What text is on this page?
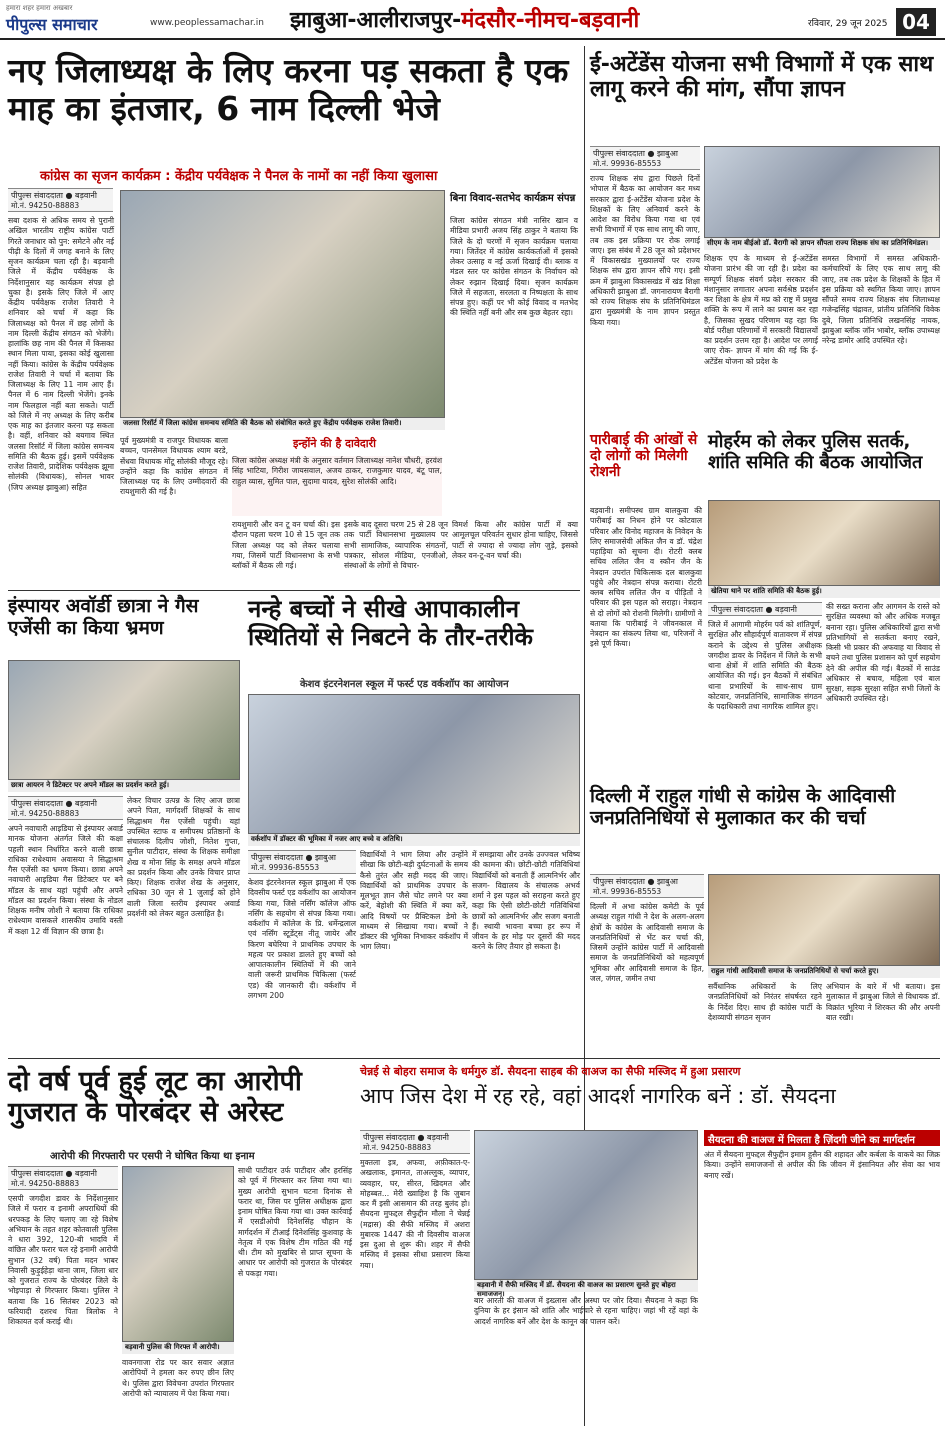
हमारा शहर हमारा अखबार
पीपुल्स समाचार	www.peoplessamachar.in झाबुआ-आलीराजपुर-मंदसौर-नीमच-बड़वानी	रविवार, 29 जून 2025 04
नए जिलाध्यक्ष के लिए करना पड़ सकता है एक माह का इंतजार, 6 नाम दिल्ली भेजे
कांग्रेस का सृजन कार्यक्रम : केंद्रीय पर्यवेक्षक ने पैनल के नामों का नहीं किया खुलासा
पीपुल्स संवाददाता ● बड़वानी
मो.नं. 94250-88883
सबा दशक से अधिक समय से पुरानी अखिल भारतीय राष्ट्रीय कांग्रेस पार्टी गिरते जनाधार को पुन: समेटने और नई पीढ़ी के दिलों में जगह बनाने के लिए सृजन कार्यक्रम चला रही है। बड़वानी जिले में केंद्रीय पर्यवेक्षक के निर्देशानुसार यह कार्यक्रम संपन्न हो चुका है। इसके लिए जिले में आए केंद्रीय पर्यवेक्षक राजेश तिवारी ने शनिवार को चर्चा में कहा कि जिलाध्यक्ष को पैनल में छह लोगों के नाम दिल्ली केंद्रीय संगठन को भेजेंगे। हालांकि छह नाम की पैनल में किसका स्थान मिला पाया, इसका कोई खुलासा नहीं किया। कांग्रेस के केंद्रीय पर्यवेक्षक राजेश तिवारी ने चर्चा में बताया कि जिलाध्यक्ष के लिए 11 नाम आए हैं। पैनल में 6 नाम दिल्ली भेजेंगे। इनके नाम फिलहाल नहीं बता सकते। पार्टी को जिले में नए अध्यक्ष के लिए करीब एक माह का इंतजार करना पड़ सकता है। वहीं, शनिवार को बयगाव स्थित जलसा रिसॉर्ट में जिला कांग्रेस समन्वय समिति की बैठक हुई। इसमें पर्यवेक्षक राजेश तिवारी, प्रादेशिक पर्यवेक्षक झूमा सोलंकी (विधायक), सोनल भावर (जिप अध्यक्ष झाबुआ) सहित
जलसा रिसॉर्ट में जिला कांग्रेस समन्वय समिति की बैठक को संबोधित करते हुए केंद्रीय पर्यवेक्षक राजेश तिवारी।
बिना विवाद-सतभेद कार्यक्रम संपन्न
जिला कांग्रेस संगठन मंत्री नासिर खान व मीडिया प्रभारी अजय सिंह ठाकुर ने बताया कि जिले के दो चरणों में सृजन कार्यक्रम चलाया गया। जितेंदर में कांग्रेस कार्यकर्ताओं में इसको लेकर उत्साह व नई ऊर्जा दिखाई दी। ब्लाक व मंडल स्तर पर कांग्रेस संगठन के निर्वाचन को लेकर रुझान दिखाई दिया। सृजन कार्यक्रम जिले में सहजता, सरलता व निष्पक्षता के साथ संपन्न हुए। कहीं पर भी कोई विवाद व मतभेद की स्थिति नहीं बनी और सब कुछ बेहतर रहा।
इन्होंने की है दावेदारी
जिला कांग्रेस अध्यक्ष मंत्री के अनुसार वर्तमान जिलाध्यक्ष नानेश चौधरी, हरवंश सिंह भाटिया, गिरीश जायसवाल, अजय ठाकर, राजकुमार यादव, बंटू पाल, राहुल व्यास, सुमित पाल, सुदामा यादव, सुरेश सोलंकी आदि।
पूर्व मुख्यमंत्री व राजपुर विधायक बाला बच्चन, पानसेमल विधायक श्याम बरडे, सेंधवा विधायक मोंटू सोलंकी मौजूद रहे। उन्होंने कहा कि कांग्रेस संगठन में जिलाध्यक्ष पद के लिए उम्मीदवारों की रायशुमारी की गई है।
रायशुमारी और वन टू वन चर्चा की। इस दौरान पहला चरण 10 से 15 जून तक जिला अध्यक्ष पद को लेकर चलाया गया, जिसमें पार्टी विधानसभा के सभी ब्लॉकों में बैठक ली गई।
इसके बाद दूसरा चरण 25 से 28 जून तक पार्टी विधानसभा मुख्यालय पर सभी सामाजिक, व्यापारिक संगठनों, पत्रकार, सोशल मीडिया, एनजीओ, संस्थाओं के लोगों से विचार-
विमर्श किया और कांग्रेस पार्टी में क्या आमूलचूल परिवर्तन सुधार होना चाहिए, जिससे पार्टी से ज्यादा से ज्यादा लोग जुड़े, इसको लेकर वन-टू-वन चर्चा की।
ई-अटेंडेंस योजना सभी विभागों में एक साथ लागू करने की मांग, सौंपा ज्ञापन
पीपुल्स संवाददाता ● झाबुआ
मो.नं. 99936-85553
राज्य शिक्षक संघ द्वारा पिछले दिनों भोपाल में बैठक का आयोजन कर मध्य सरकार द्वारा ई-अटेंडेंस योजना प्रदेश के शिक्षकों के लिए अनिवार्य करने के आदेश का विरोध किया गया था एवं सभी विभागों में एक साथ लागू की जाए, तब तक इस प्रक्रिया पर रोक लगाई जाए। इस संबंध में 28 जून को प्रदेशभर में विकासखंड मुख्यालयों पर राज्य शिक्षक संघ द्वारा ज्ञापन सौंपे गए। इसी क्रम में झाबुआ विकासखंड में खंड शिक्षा अधिकारी झाबुआ डॉ. जगनारायण बैरागी को राज्य शिक्षक संघ के प्रतिनिधिमंडल द्वारा मुख्यमंत्री के नाम ज्ञापन प्रस्तुत किया गया।
सीएम के नाम बीईओ डॉ. बैरागी को ज्ञापन सौंपता राज्य शिक्षक संघ का प्रतिनिधिमंडल।
शिक्षक एप के माध्यम से ई-अटेंडेंस योजना प्रारंभ की जा रही है। प्रदेश का सम्पूर्ण शिक्षक संवर्ग प्रदेश सरकार की मंशानुसार लगातार अपना सर्वश्रेष्ठ प्रदर्शन कर शिक्षा के क्षेत्र में मप्र को राष्ट्र में प्रमुख शक्ति के रूप में लाने का प्रयास कर रहा है, जिसका सुखद परिणाम यह रहा कि बोर्ड परीक्षा परिणामों में सरकारी विद्यालयों का प्रदर्शन उत्तम रहा है। आदेश पर लगाई जाए रोक- ज्ञापन में मांग की गई कि ई-अटेंडेंस योजना को प्रदेश के
समस्त विभागों में समस्त अधिकारी-कर्मचारियों के लिए एक साथ लागू की जाए, तब तक प्रदेश के शिक्षकों के हित में इस प्रक्रिया को स्थगित किया जाए। ज्ञापन सौंपते समय राज्य शिक्षक संघ जिलाध्यक्ष गजेन्द्रसिंह चंद्रावत, प्रांतीय प्रतिनिधि विवेक दुबे, जिला प्रतिनिधि लखनसिंह नायक, झाबुआ ब्लॉक जॉन भाबोर, ब्लॉक उपाध्यक्ष नरेन्द्र डामोर आदि उपस्थित रहे।
पारीबाई की आंखों से दो लोगों को मिलेगी रोशनी
बड़वानी। समीपस्थ ग्राम बालकुवा की पारीबाई का निधन होने पर कोटवाल परिवार और विनोद महाजन के निवेदन के लिए समाजसेवी अंकित जैन व डॉ. चंद्रेश पहाड़िया को सूचना दी। रोटरी क्लब सचिव ललित जैन व स्कौन जैन के नेत्रदान उपरांत चिकित्सक दल बालकुवा पहुंचे और नेत्रदान संपन्न कराया। रोटरी क्लब सचिव ललित जैन व पीड़ितों ने परिवार की इस पहल को सराहा। नेत्रदान से दो लोगों को रोशनी मिलेगी। ग्रामीणों ने बताया कि पारीबाई ने जीवनकाल में नेत्रदान का संकल्प लिया था, परिजनों ने इसे पूर्ण किया।
मोहर्रम को लेकर पुलिस सतर्क, शांति समिति की बैठक आयोजित
खेतिया थाने पर शांति समिति की बैठक हुई।
पीपुल्स संवाददाता ● बड़वानी
जिले में आगामी मोहर्रम पर्व को शांतिपूर्ण, सुरक्षित और सौहार्दपूर्ण वातावरण में संपन्न कराने के उद्देश्य से पुलिस अधीक्षक जगदीश डावर के निर्देशन में जिले के सभी थाना क्षेत्रों में शांति समिति की बैठक आयोजित की गई। इन बैठकों में संबंधित थाना प्रभारियों के साथ-साथ ग्राम कोटवार, जनप्रतिनिधि, सामाजिक संगठन के पदाधिकारी तथा नागरिक शामिल हुए।
की सख्त कराना और आगमन के रास्ते को सुरक्षित व्यवस्था को और अधिक मजबूत बनाना रहा। पुलिस अधिकारियों द्वारा सभी प्रतिभागियों से सतर्कता बनाए रखने, किसी भी प्रकार की अफवाह या विवाद से बचने तथा पुलिस प्रशासन को पूर्ण सहयोग देने की अपील की गई। बैठकों में साउंड अधिकार से बचाव, महिला एवं बाल सुरक्षा, सड़क सुरक्षा सहित सभी जिलों के अधिकारी उपस्थित रहे।
इंस्पायर अवॉर्डी छात्रा ने गैस एजेंसी का किया भ्रमण
छात्रा आयरन ने डिटेक्टर पर अपने मॉडल का प्रदर्शन करते हुई।
पीपुल्स संवाददाता ● बड़वानी
मो.नं. 94250-88883
अपने नवाचारी आइडिया से इंस्पायर अवार्ड मानक योजना अंतर्गत जिले की कक्षा पहली स्थान निर्धारित करने वाली छात्रा राधिका राधेश्याम अवासया ने सिद्धाश्रम गैस एजेंसी का भ्रमण किया। छात्रा अपने नवाचारी आइडिया गैस डिटेक्टर पर बने मॉडल के साथ यहां पहुंची और अपने मॉडल का प्रदर्शन किया। संस्था के नोडल शिक्षक मनीष जोशी ने बताया कि राधिका राधेश्याम वासकले शासकीय उमावि वस्ती में कक्षा 12 वीं विज्ञान की छात्रा है।
लेकर विचार उत्पन्न के लिए आज छात्रा अपने पिता, मार्गदर्शी शिक्षकों के साथ सिद्धाश्रम गैस एजेंसी पहुंची। यहां उपस्थित स्टाफ व समीपस्थ प्रतिष्ठानों के संचालक दिलीप जोशी, नितेश गुप्ता, सुनील पाटीदार, संस्था के शिक्षक समीक्षा शेख व मोना सिंह के समक्ष अपने मॉडल का प्रदर्शन किया और उनके विचार प्राप्त किए। शिक्षक राजेश शेख के अनुसार, राधिका 30 जून से 1 जुलाई को होने वाली जिला स्तरीय इंस्पायर अवार्ड प्रदर्शनी को लेकर बहुत उत्साहित है।
नन्हे बच्चों ने सीखे आपाकालीन स्थितियों से निबटने के तौर-तरीके
केशव इंटरनेशनल स्कूल में फर्स्ट एड वर्कशॉप का आयोजन
वर्कशॉप में डॉक्टर की भूमिका में नजर आए बच्चे व अतिथि।
पीपुल्स संवाददाता ● झाबुआ
मो.नं. 99936-85553
केशव इंटरनेशनल स्कूल झाबुआ में एक दिवसीय फर्स्ट एड वर्कशॉप का आयोजन किया गया, जिसे नर्सिंग कॉलेज ऑफ नर्सिंग के सहयोग से संपन्न किया गया। वर्कशॉप में कॉलेज के प्रि. धर्मेन्द्रलाल एवं नर्सिंग स्टूडेंट्स नीतू जायेर और किरण बघेरिया ने प्राथमिक उपचार के महत्व पर प्रकाश डालते हुए बच्चों को आपातकालीन स्थितियों में की जाने वाली जरूरी प्राथमिक चिकित्सा (फर्स्ट एड) की जानकारी दी। वर्कशॉप में लगभग 200
विद्यार्थियों ने भाग लिया और उन्होंने सीखा कि छोटी-बड़ी दुर्घटनाओं के समय कैसे तुरंत और सही मदद की जाए। विद्यार्थियों को प्राथमिक उपचार के मूलभूत ज्ञान जैसे चोट लगने पर क्या करें, बेहोशी की स्थिति में क्या करें, आदि विषयों पर प्रैक्टिकल डेमो के माध्यम से सिखाया गया। बच्चों ने डॉक्टर की भूमिका निभाकर वर्कशॉप में भाग लिया।
में समझाया और उनके उज्ज्वल भविष्य की कामना की। छोटी-छोटी गतिविधियां विद्यार्थियों को बनाती हैं आत्मनिर्भर और सजग- विद्यालय के संचालक अभर्व शर्मा ने इस पहल को सराहना करते हुए कहा कि ऐसी छोटी-छोटी गतिविधियां छात्रों को आत्मनिर्भर और सजग बनाती हैं। स्थायी भावना बच्चा हर रूप में जीवन के हर मोड़ पर दूसरों की मदद करने के लिए तैयार हो सकता है।
दिल्ली में राहुल गांधी से कांग्रेस के आदिवासी जनप्रतिनिधियों से मुलाकात कर की चर्चा
पीपुल्स संवाददाता ● झाबुआ
मो.नं. 99936-85553
दिल्ली में अभा कांग्रेस कमेटी के पूर्व अध्यक्ष राहुल गांधी ने देश के अलग-अलग क्षेत्रों के कांग्रेस के आदिवासी समाज के जनप्रतिनिधियों से भेंट कर चर्चा की, जिसमें उन्होंने कांग्रेस पार्टी में आदिवासी समाज के जनप्रतिनिधियों को महत्वपूर्ण भूमिका और आदिवासी समाज के हित, जल, जंगल, जमीन तथा
राहुल गांधी आदिवासी समाज के जनप्रतिनिधियों से चर्चा करते हुए।
सर्वैधानिक अधिकारों के लिए जनप्रतिनिधियों को निरंतर संघर्षरत रहने के निर्देश दिए। साथ ही कांग्रेस पार्टी के देशव्यापी संगठन सृजन
अभियान के बारे में भी बताया। इस मुलाकात में झाबुआ जिले से विधायक डॉ. विक्रांत भूरिया ने शिरकत की और अपनी बात रखी।
दो वर्ष पूर्व हुई लूट का आरोपी गुजरात के पोरबंदर से अरेस्ट
आरोपी की गिरफ्तारी पर एसपी ने घोषित किया था इनाम
पीपुल्स संवाददाता ● बड़वानी
मो.नं. 94250-88883
एसपी जगदीश डावर के निर्देशानुसार जिले में फरार व इनामी अपराधियों की धरपकड़ के लिए चलाए जा रहे विशेष अभियान के तहत शहर कोतवाली पुलिस ने धारा 392, 120-बी भादवि में वांछित और फरार चल रहे इनामी आरोपी सुभान (32 वर्ष) पिता मदन भाबर निवासी कुड़ुईहेड़ा थाना जाम, जिला धार को गुजरात राज्य के पोरबंदर जिले के भोइपाड़ा से गिरफ्तार किया। पुलिस ने बताया कि 16 सितंबर 2023 को फरियादी दशरथ पिता त्रिलोक ने शिकायत दर्ज कराई थी।
बड़वानी पुलिस की गिरफ्त में आरोपी।
वावनगाजा रोड पर कार सवार अज्ञात आरोपियों ने हमला कर रुपए छीन लिए थे। पुलिस द्वारा विवेचना उपरांत गिरफ्तार आरोपी को न्यायालय में पेश किया गया।
साथी पाटीदार उर्फ पाटीदार और हरसिंह को पूर्व में गिरफ्तार कर लिया गया था। मुख्य आरोपी सुभान घटना दिनांक से फरार था, जिस पर पुलिस अधीक्षक द्वारा इनाम घोषित किया गया था। उक्त कार्रवाई में एसडीओपी दिनेशसिंह चौहान के मार्गदर्शन में टीआई दिनेशसिंह कुशवाह के नेतृत्व में एक विशेष टीम गठित की गई थी। टीम को मुखबिर से प्राप्त सूचना के आधार पर आरोपी को गुजरात के पोरबंदर से पकड़ा गया।
चेन्नई से बोहरा समाज के धर्मगुरु डॉ. सैयदना साहब की वाअज का सैफी मस्जिद में हुआ प्रसारण
आप जिस देश में रह रहे, वहां आदर्श नागरिक बनें : डॉ. सैयदना
पीपुल्स संवाददाता ● बड़वानी
मो.नं. 94250-88883
मुक्तला इत्र, अफवा, अफ़ीकात-ए-अखलाक, इमानत, ताअल्लुक, व्यापार, व्यवहार, घर, सीरत, खिदमत और मोहब्बत... मेरी ख्वाहिश है कि जुबान कर मैं इसी आसमान की तरह बुलंद हो। सैयदना मुफद्दल सैफुद्दीन मौला ने चेन्नई (मद्रास) की सैफी मस्जिद में अशरा मुबारक 1447 की नौ दिवसीय वाअज इस दुआ से शुरू की। शहर में सैफी मस्जिद में इसका सीधा प्रसारण किया गया।
बड़वानी में सैफी मस्जिद में डॉ. सैयदना की वाअज का प्रसारण सुनते हुए बोहरा समाजजन।
बार आरती की वाअज में इख्लास और अस्था पर जोर दिया। सैयदना ने कहा कि दुनिया के हर इंसान को शांति और भाईचारे से रहना चाहिए। जहां भी रहें वहां के आदर्श नागरिक बनें और देश के कानून का पालन करें।
सैयदना की वाअज में मिलता है ज़िंदगी जीने का मार्गदर्शन
अंत में सैयदना मुफद्दल सैफुद्दीन इमाम हुसैन की शहादत और कर्बला के वाकये का जिक्र किया। उन्होंने समाजजनों से अपील की कि जीवन में इंसानियत और सेवा का भाव बनाए रखें।
